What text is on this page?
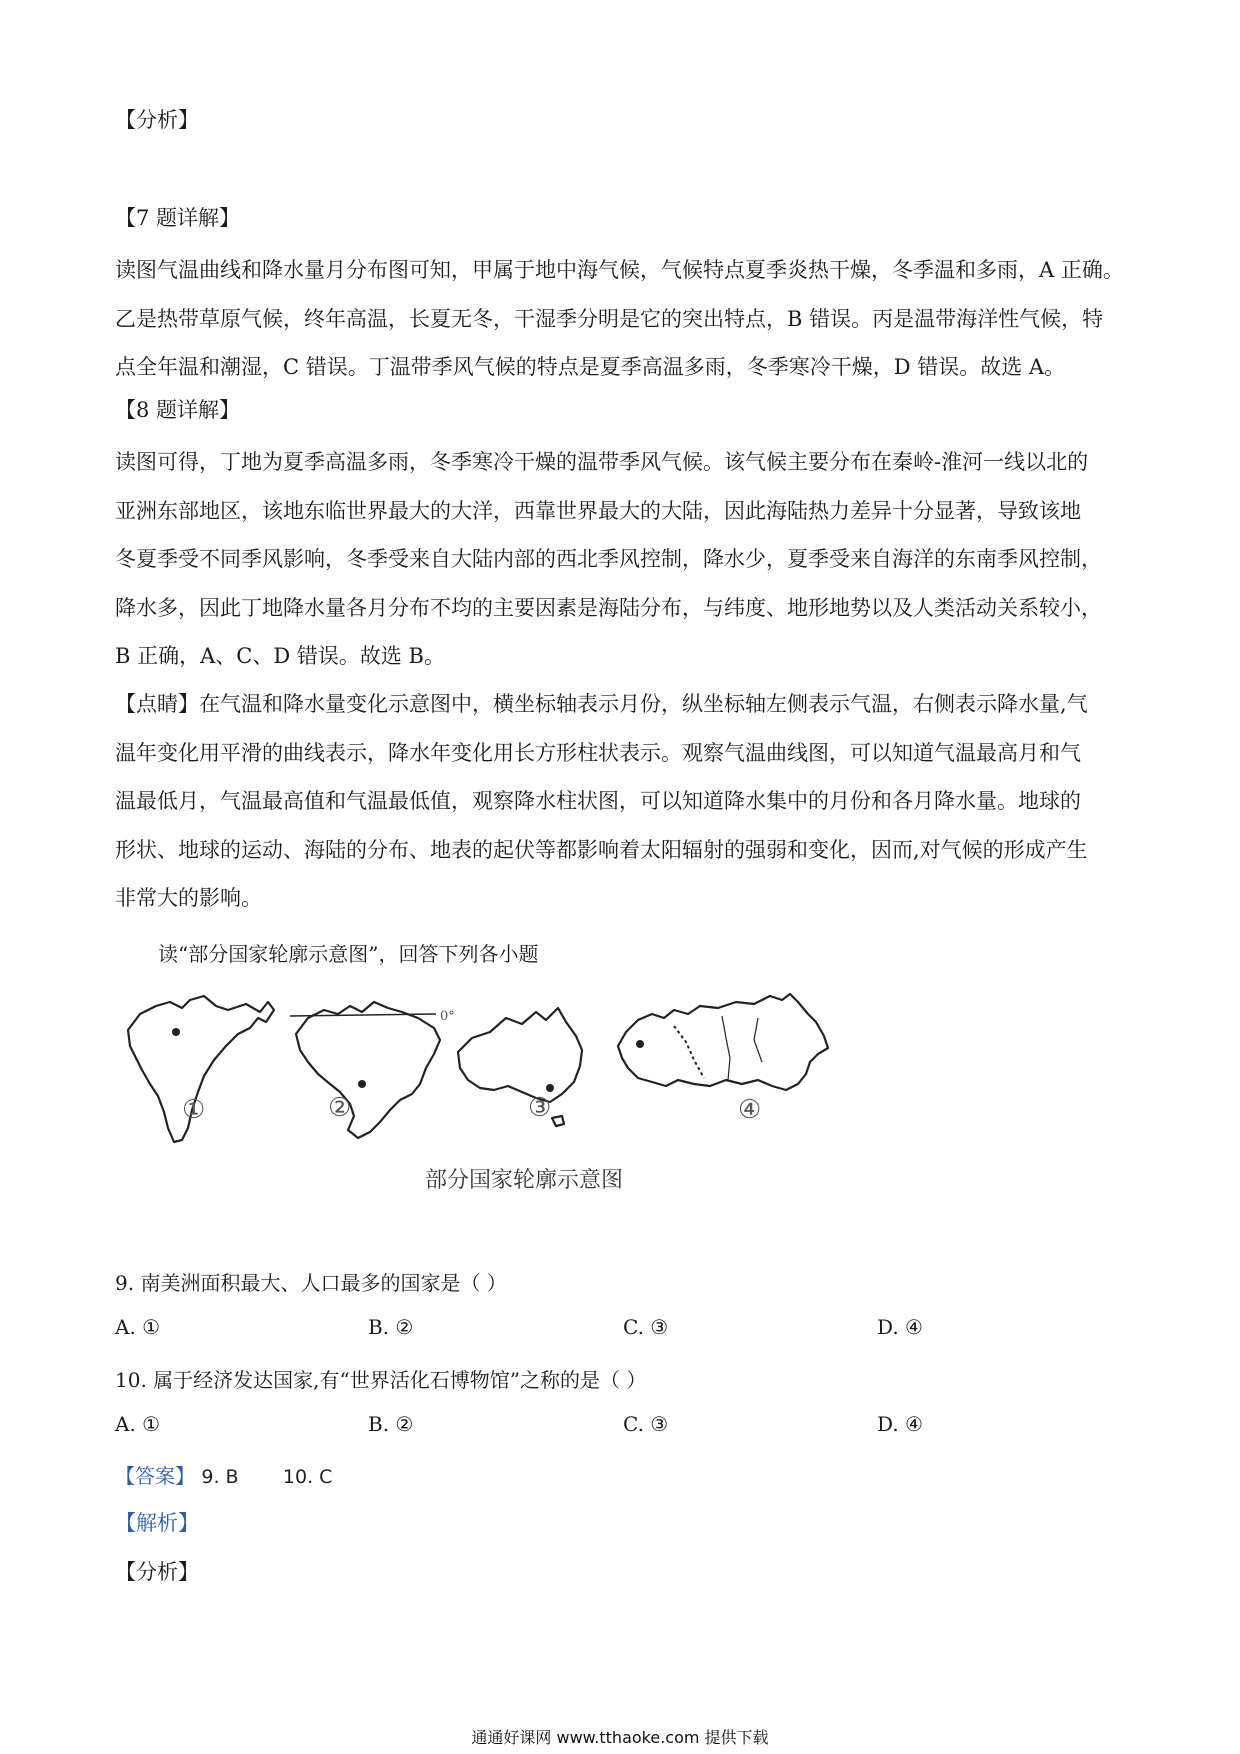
【分析】
【7 题详解】
读图气温曲线和降水量月分布图可知，甲属于地中海气候，气候特点夏季炎热干燥，冬季温和多雨，A 正确。
乙是热带草原气候，终年高温，长夏无冬，干湿季分明是它的突出特点，B 错误。丙是温带海洋性气候，特
点全年温和潮湿，C 错误。丁温带季风气候的特点是夏季高温多雨，冬季寒冷干燥，D 错误。故选 A。
【8 题详解】
读图可得，丁地为夏季高温多雨，冬季寒冷干燥的温带季风气候。该气候主要分布在秦岭-淮河一线以北的
亚洲东部地区，该地东临世界最大的大洋，西靠世界最大的大陆，因此海陆热力差异十分显著，导致该地
冬夏季受不同季风影响，冬季受来自大陆内部的西北季风控制，降水少，夏季受来自海洋的东南季风控制，
降水多，因此丁地降水量各月分布不均的主要因素是海陆分布，与纬度、地形地势以及人类活动关系较小，
B 正确，A、C、D 错误。故选 B。
【点睛】在气温和降水量变化示意图中，横坐标轴表示月份，纵坐标轴左侧表示气温，右侧表示降水量,气
温年变化用平滑的曲线表示，降水年变化用长方形柱状表示。观察气温曲线图，可以知道气温最高月和气
温最低月，气温最高值和气温最低值，观察降水柱状图，可以知道降水集中的月份和各月降水量。地球的
形状、地球的运动、海陆的分布、地表的起伏等都影响着太阳辐射的强弱和变化，因而,对气候的形成产生
非常大的影响。
读“部分国家轮廓示意图”，回答下列各小题
①	②	③	④
0°
部分国家轮廓示意图
9. 南美洲面积最大、人口最多的国家是（ ）
A. ①	B. ②	C. ③	D. ④
10. 属于经济发达国家,有“世界活化石博物馆”之称的是（ ）
A. ①	B. ②	C. ③	D. ④
【答案】 9. B 10. C
【解析】
【分析】
通通好课网 www.tthaoke.com 提供下载
